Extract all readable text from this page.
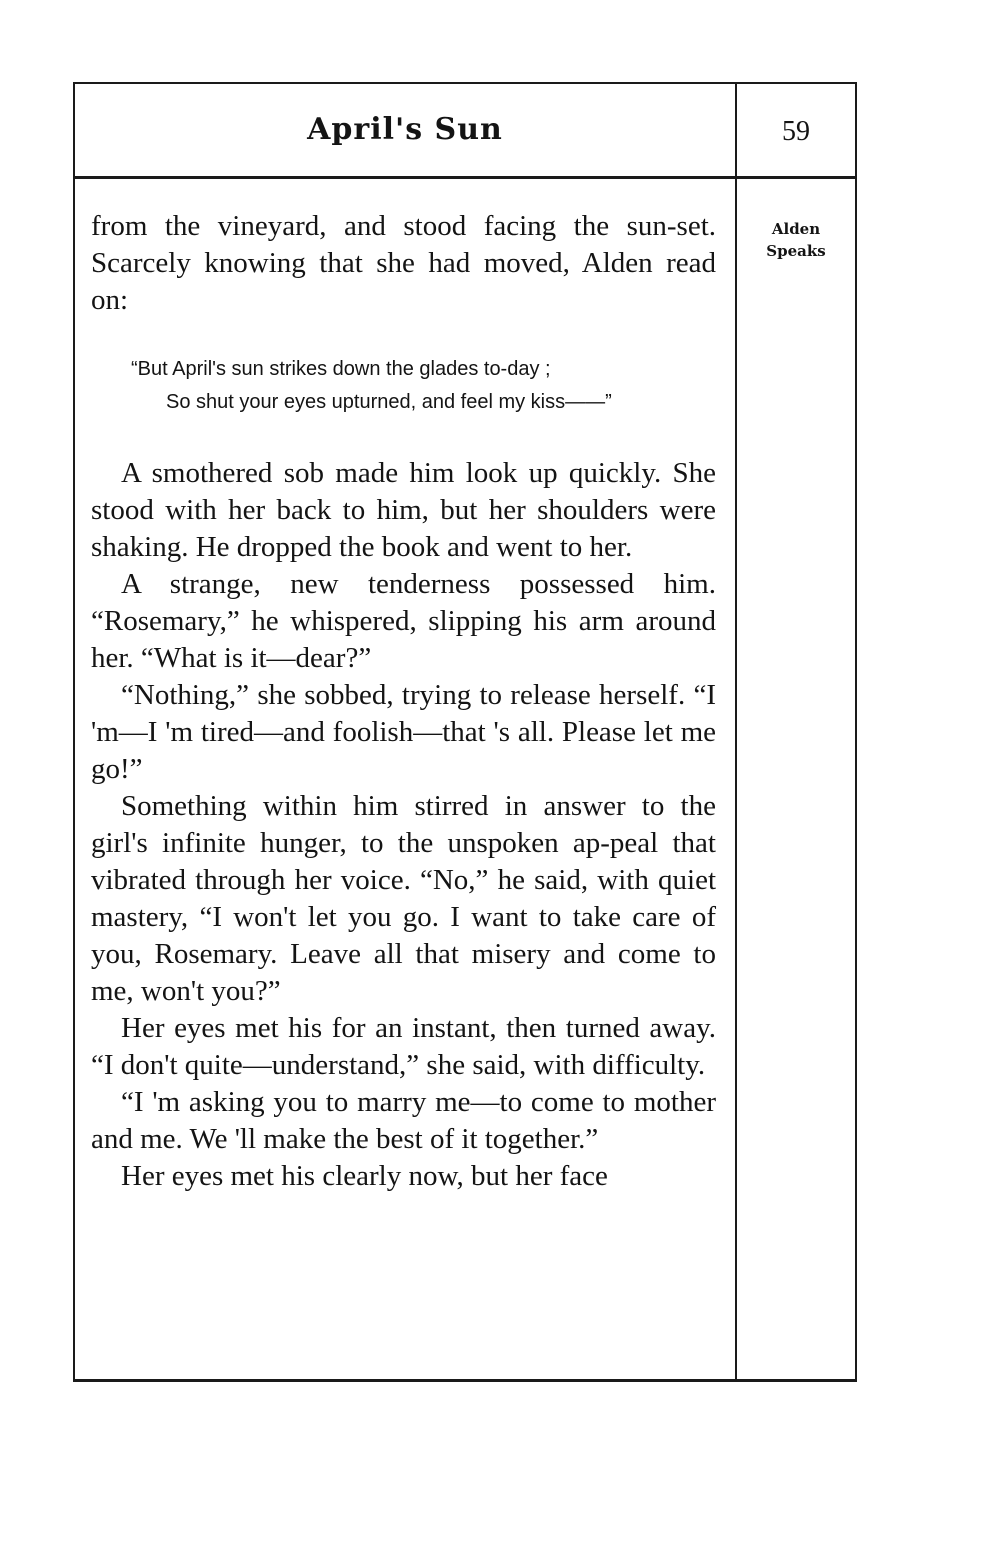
April's Sun	59
Alden
Speaks

from the vineyard, and stood facing the sun-set. Scarcely knowing that she had moved, Alden read on:

“But April's sun strikes down the glades to-day ;
So shut your eyes upturned, and feel my kiss——”

A smothered sob made him look up quickly. She stood with her back to him, but her shoulders were shaking. He dropped the book and went to her.

A strange, new tenderness possessed him. “Rosemary,” he whispered, slipping his arm around her. “What is it—dear?”

“Nothing,” she sobbed, trying to release herself. “I 'm—I 'm tired—and foolish—that 's all. Please let me go!”

Something within him stirred in answer to the girl's infinite hunger, to the unspoken ap-peal that vibrated through her voice. “No,” he said, with quiet mastery, “I won't let you go. I want to take care of you, Rosemary. Leave all that misery and come to me, won't you?”

Her eyes met his for an instant, then turned away. “I don't quite—understand,” she said, with difficulty.

“I 'm asking you to marry me—to come to mother and me. We 'll make the best of it together.”

Her eyes met his clearly now, but her face
